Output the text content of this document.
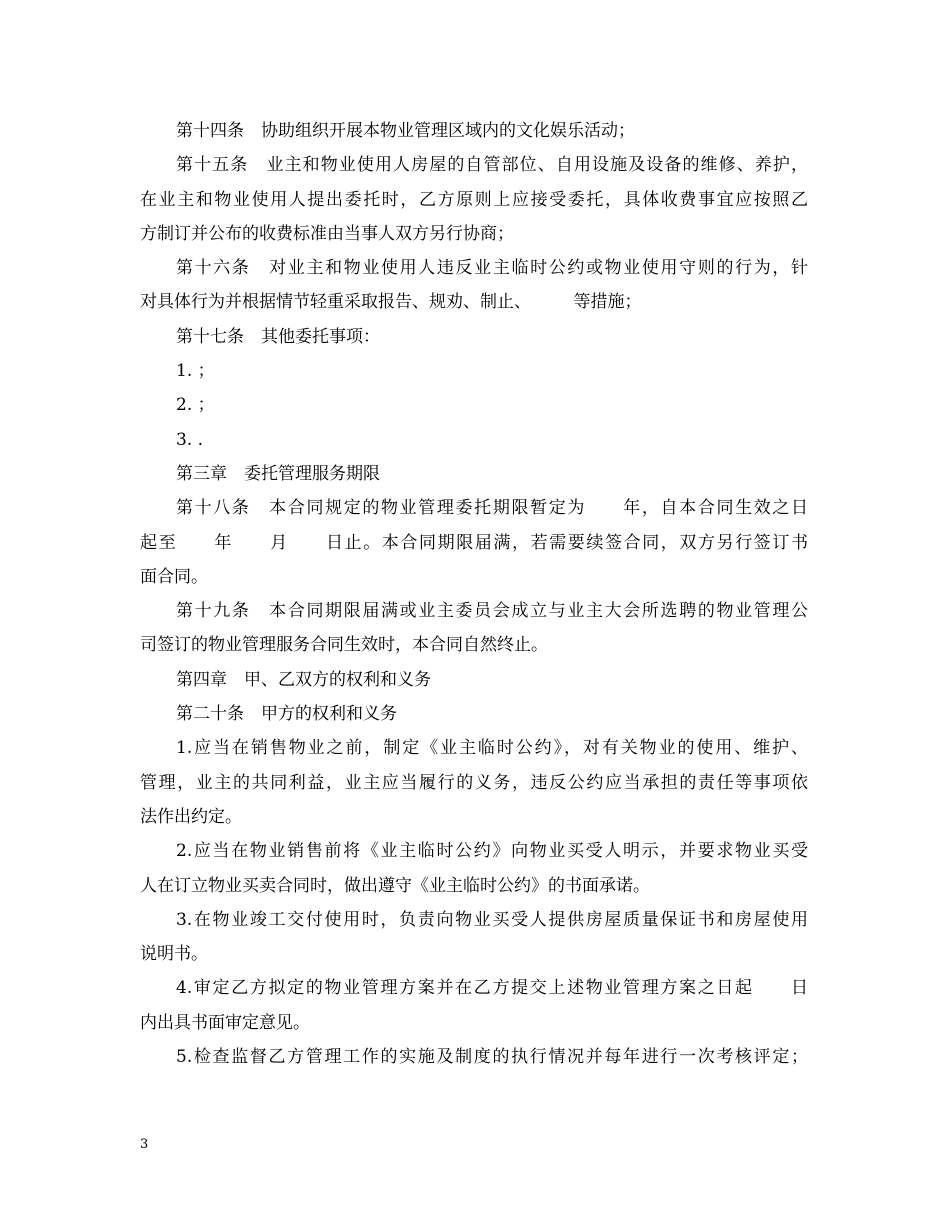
第十四条　协助组织开展本物业管理区域内的文化娱乐活动；
第十五条　业主和物业使用人房屋的自管部位、自用设施及设备的维修、养护，
在业主和物业使用人提出委托时，乙方原则上应接受委托，具体收费事宜应按照乙
方制订并公布的收费标准由当事人双方另行协商；
第十六条　对业主和物业使用人违反业主临时公约或物业使用守则的行为，针
对具体行为并根据情节轻重采取报告、规劝、制止、　　　等措施；
第十七条　其他委托事项：
1. ；
2. ；
3. .
第三章　委托管理服务期限
第十八条　本合同规定的物业管理委托期限暂定为　　年，自本合同生效之日
起至　　年　　月　　日止。本合同期限届满，若需要续签合同，双方另行签订书
面合同。
第十九条　本合同期限届满或业主委员会成立与业主大会所选聘的物业管理公
司签订的物业管理服务合同生效时，本合同自然终止。
第四章　甲、乙双方的权利和义务
第二十条　甲方的权利和义务
1.应当在销售物业之前，制定《业主临时公约》，对有关物业的使用、维护、
管理，业主的共同利益，业主应当履行的义务，违反公约应当承担的责任等事项依
法作出约定。
2.应当在物业销售前将《业主临时公约》向物业买受人明示，并要求物业买受
人在订立物业买卖合同时，做出遵守《业主临时公约》的书面承诺。
3.在物业竣工交付使用时，负责向物业买受人提供房屋质量保证书和房屋使用
说明书。
4.审定乙方拟定的物业管理方案并在乙方提交上述物业管理方案之日起　　日
内出具书面审定意见。
5.检查监督乙方管理工作的实施及制度的执行情况并每年进行一次考核评定；
3
